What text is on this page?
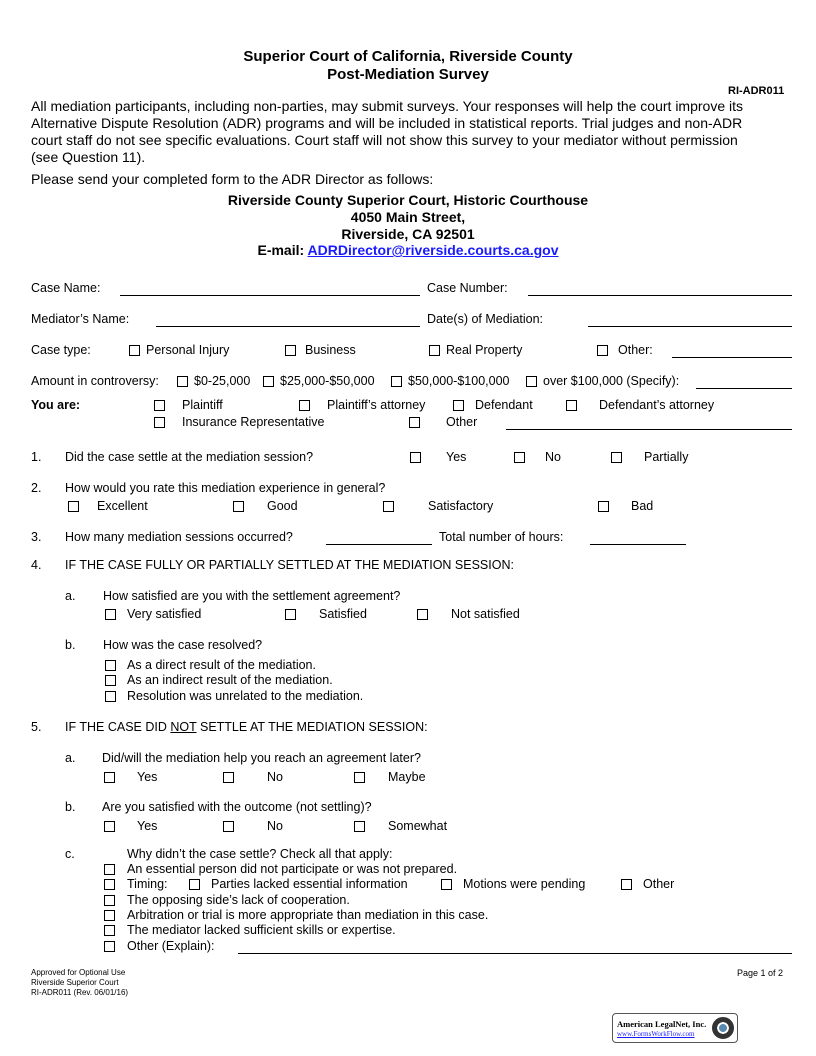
Superior Court of California, Riverside County
Post-Mediation Survey
RI-ADR011
All mediation participants, including non-parties, may submit surveys. Your responses will help the court improve its
Alternative Dispute Resolution (ADR) programs and will be included in statistical reports. Trial judges and non-ADR
court staff do not see specific evaluations. Court staff will not show this survey to your mediator without permission
(see Question 11).
Please send your completed form to the ADR Director as follows:
Riverside County Superior Court, Historic Courthouse
4050 Main Street,
Riverside, CA 92501
E-mail: ADRDirector@riverside.courts.ca.gov
Case Name:	Case Number:
Mediator’s Name:	Date(s) of Mediation:
Case type:	Personal Injury	Business	Real Property	Other:
Amount in controversy:	$0-25,000 $25,000-$50,000	$50,000-$100,000	over $100,000 (Specify):
You are:	Plaintiff	Plaintiff’s attorney	Defendant	Defendant’s attorney
Insurance Representative	Other
1. Did the case settle at the mediation session?	Yes	No	Partially
2. How would you rate this mediation experience in general?
Excellent	Good	Satisfactory	Bad
3. How many mediation sessions occurred?	Total number of hours:
4. IF THE CASE FULLY OR PARTIALLY SETTLED AT THE MEDIATION SESSION:
a. How satisfied are you with the settlement agreement?
Very satisfied	Satisfied	Not satisfied
b. How was the case resolved?
As a direct result of the mediation.
As an indirect result of the mediation.
Resolution was unrelated to the mediation.
5. IF THE CASE DID NOT SETTLE AT THE MEDIATION SESSION:
a. Did/will the mediation help you reach an agreement later?
Yes	No	Maybe
b. Are you satisfied with the outcome (not settling)?
Yes	No	Somewhat
c.	Why didn’t the case settle? Check all that apply:
An essential person did not participate or was not prepared.
Timing:	Parties lacked essential information	Motions were pending	Other
The opposing side’s lack of cooperation.
Arbitration or trial is more appropriate than mediation in this case.
The mediator lacked sufficient skills or expertise.
Other (Explain):
Approved for Optional Use
Riverside Superior Court
RI-ADR011 (Rev. 06/01/16)
Page 1 of 2
American LegalNet, Inc.
www.FormsWorkFlow.com
